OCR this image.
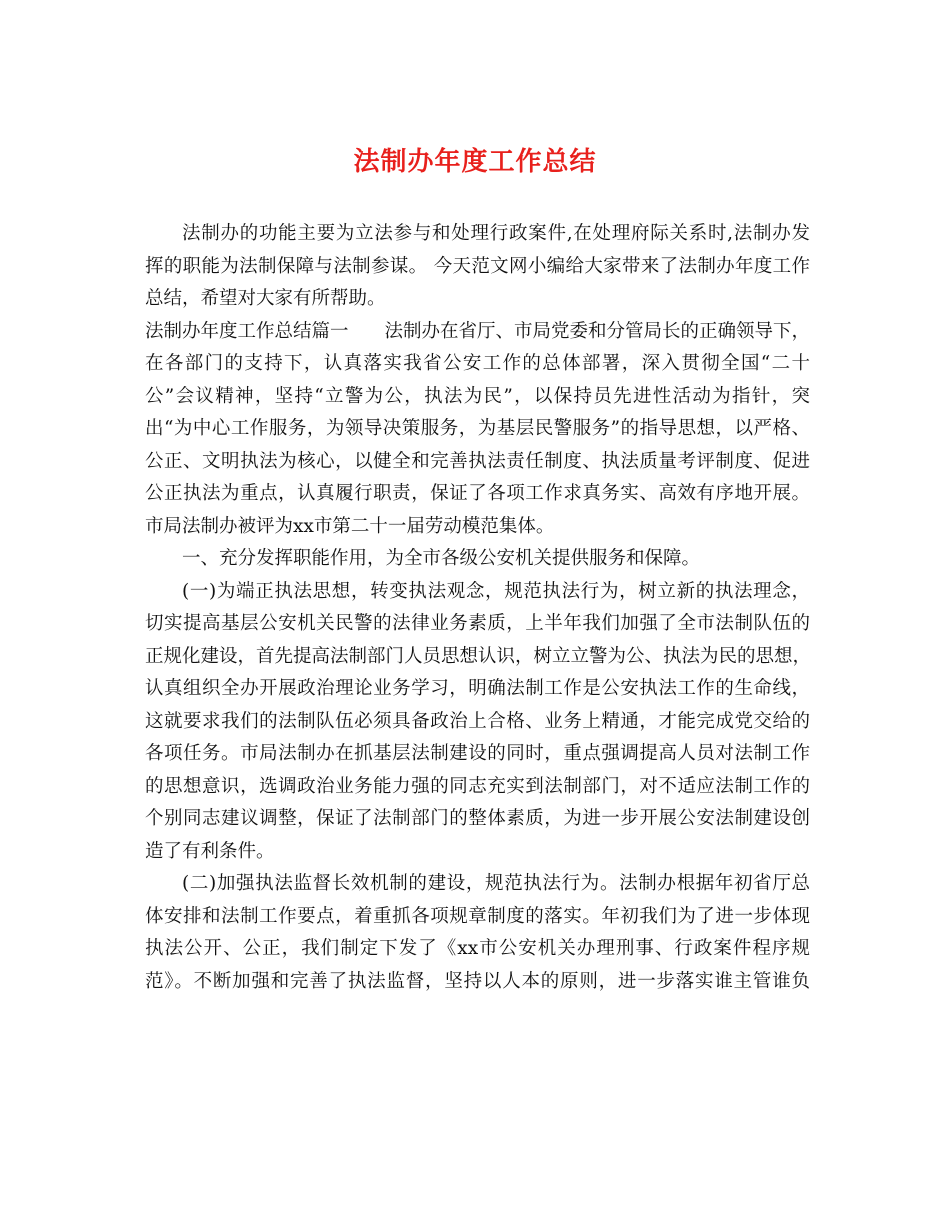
法制办年度工作总结
法制办的功能主要为立法参与和处理行政案件,在处理府际关系时,法制办发
挥的职能为法制保障与法制参谋。 今天范文网小编给大家带来了法制办年度工作
总结，希望对大家有所帮助。
法制办年度工作总结篇一 法制办在省厅、市局党委和分管局长的正确领导下，
在各部门的支持下，认真落实我省公安工作的总体部署，深入贯彻全国“二十
公”会议精神，坚持“立警为公，执法为民”，以保持员先进性活动为指针，突
出“为中心工作服务，为领导决策服务，为基层民警服务”的指导思想，以严格、
公正、文明执法为核心，以健全和完善执法责任制度、执法质量考评制度、促进
公正执法为重点，认真履行职责，保证了各项工作求真务实、高效有序地开展。
市局法制办被评为xx市第二十一届劳动模范集体。
一、充分发挥职能作用，为全市各级公安机关提供服务和保障。
(一)为端正执法思想，转变执法观念，规范执法行为，树立新的执法理念，
切实提高基层公安机关民警的法律业务素质，上半年我们加强了全市法制队伍的
正规化建设，首先提高法制部门人员思想认识，树立立警为公、执法为民的思想，
认真组织全办开展政治理论业务学习，明确法制工作是公安执法工作的生命线，
这就要求我们的法制队伍必须具备政治上合格、业务上精通，才能完成党交给的
各项任务。市局法制办在抓基层法制建设的同时，重点强调提高人员对法制工作
的思想意识，选调政治业务能力强的同志充实到法制部门，对不适应法制工作的
个别同志建议调整，保证了法制部门的整体素质，为进一步开展公安法制建设创
造了有利条件。
(二)加强执法监督长效机制的建设，规范执法行为。法制办根据年初省厅总
体安排和法制工作要点，着重抓各项规章制度的落实。年初我们为了进一步体现
执法公开、公正，我们制定下发了《xx市公安机关办理刑事、行政案件程序规
范》。不断加强和完善了执法监督，坚持以人本的原则，进一步落实谁主管谁负
